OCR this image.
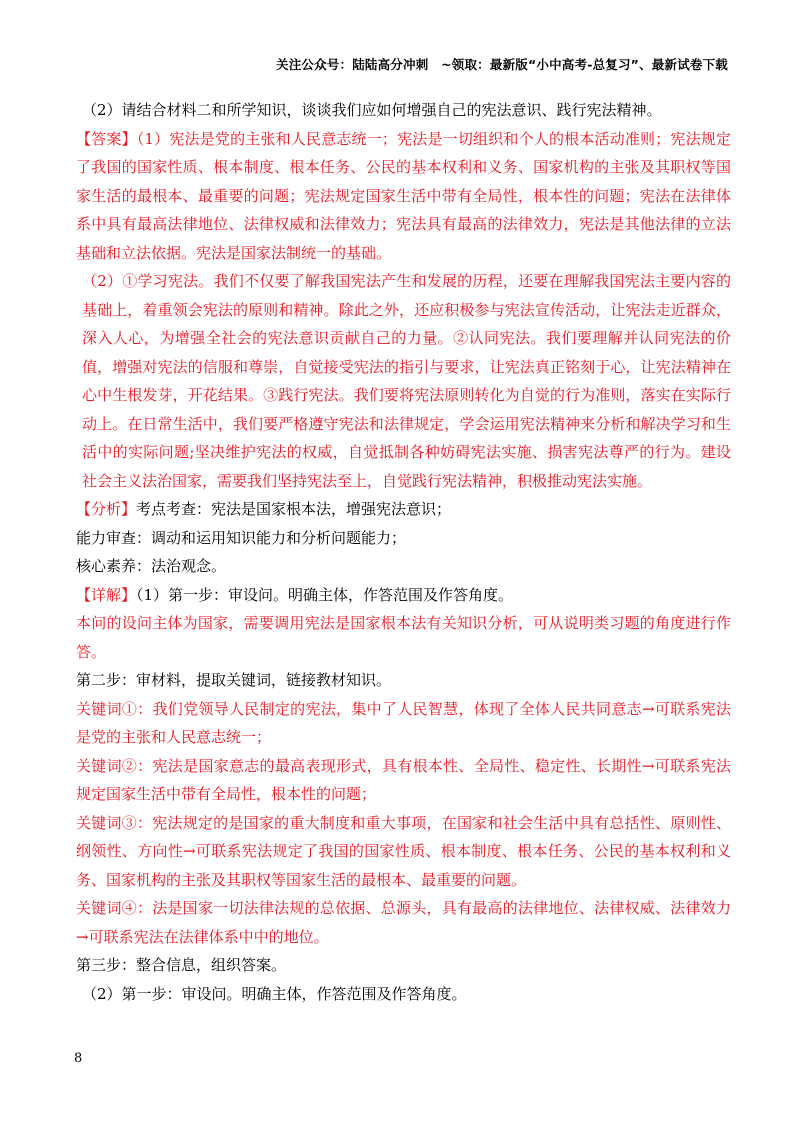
关注公众号：陆陆高分冲刺　~领取：最新版“小中高考-总复习”、最新试卷下载

（2）请结合材料二和所学知识，谈谈我们应如何增强自己的宪法意识、践行宪法精神。

【答案】（1）宪法是党的主张和人民意志统一；宪法是一切组织和个人的根本活动准则；宪法规定了我国的国家性质、根本制度、根本任务、公民的基本权利和义务、国家机构的主张及其职权等国家生活的最根本、最重要的问题；宪法规定国家生活中带有全局性，根本性的问题；宪法在法律体系中具有最高法律地位、法律权威和法律效力；宪法具有最高的法律效力，宪法是其他法律的立法基础和立法依据。宪法是国家法制统一的基础。

（2）①学习宪法。我们不仅要了解我国宪法产生和发展的历程，还要在理解我国宪法主要内容的基础上，着重领会宪法的原则和精神。除此之外，还应积极参与宪法宣传活动，让宪法走近群众，深入人心，为增强全社会的宪法意识贡献自己的力量。②认同宪法。我们要理解并认同宪法的价值，增强对宪法的信服和尊崇，自觉接受宪法的指引与要求，让宪法真正铭刻于心，让宪法精神在心中生根发芽，开花结果。③践行宪法。我们要将宪法原则转化为自觉的行为准则，落实在实际行动上。在日常生活中，我们要严格遵守宪法和法律规定，学会运用宪法精神来分析和解决学习和生活中的实际问题;坚决维护宪法的权威，自觉抵制各种妨碍宪法实施、损害宪法尊严的行为。建设社会主义法治国家，需要我们坚持宪法至上，自觉践行宪法精神，积极推动宪法实施。

【分析】考点考查：宪法是国家根本法，增强宪法意识；

能力审查：调动和运用知识能力和分析问题能力；

核心素养：法治观念。

【详解】（1）第一步：审设问。明确主体，作答范围及作答角度。

本问的设问主体为国家，需要调用宪法是国家根本法有关知识分析，可从说明类习题的角度进行作答。

第二步：审材料，提取关键词，链接教材知识。

关键词①：我们党领导人民制定的宪法，集中了人民智慧，体现了全体人民共同意志→可联系宪法是党的主张和人民意志统一；

关键词②：宪法是国家意志的最高表现形式，具有根本性、全局性、稳定性、长期性→可联系宪法规定国家生活中带有全局性，根本性的问题；

关键词③：宪法规定的是国家的重大制度和重大事项，在国家和社会生活中具有总括性、原则性、纲领性、方向性→可联系宪法规定了我国的国家性质、根本制度、根本任务、公民的基本权利和义务、国家机构的主张及其职权等国家生活的最根本、最重要的问题。

关键词④：法是国家一切法律法规的总依据、总源头，具有最高的法律地位、法律权威、法律效力→可联系宪法在法律体系中中的地位。

第三步：整合信息，组织答案。

（2）第一步：审设问。明确主体，作答范围及作答角度。

8
